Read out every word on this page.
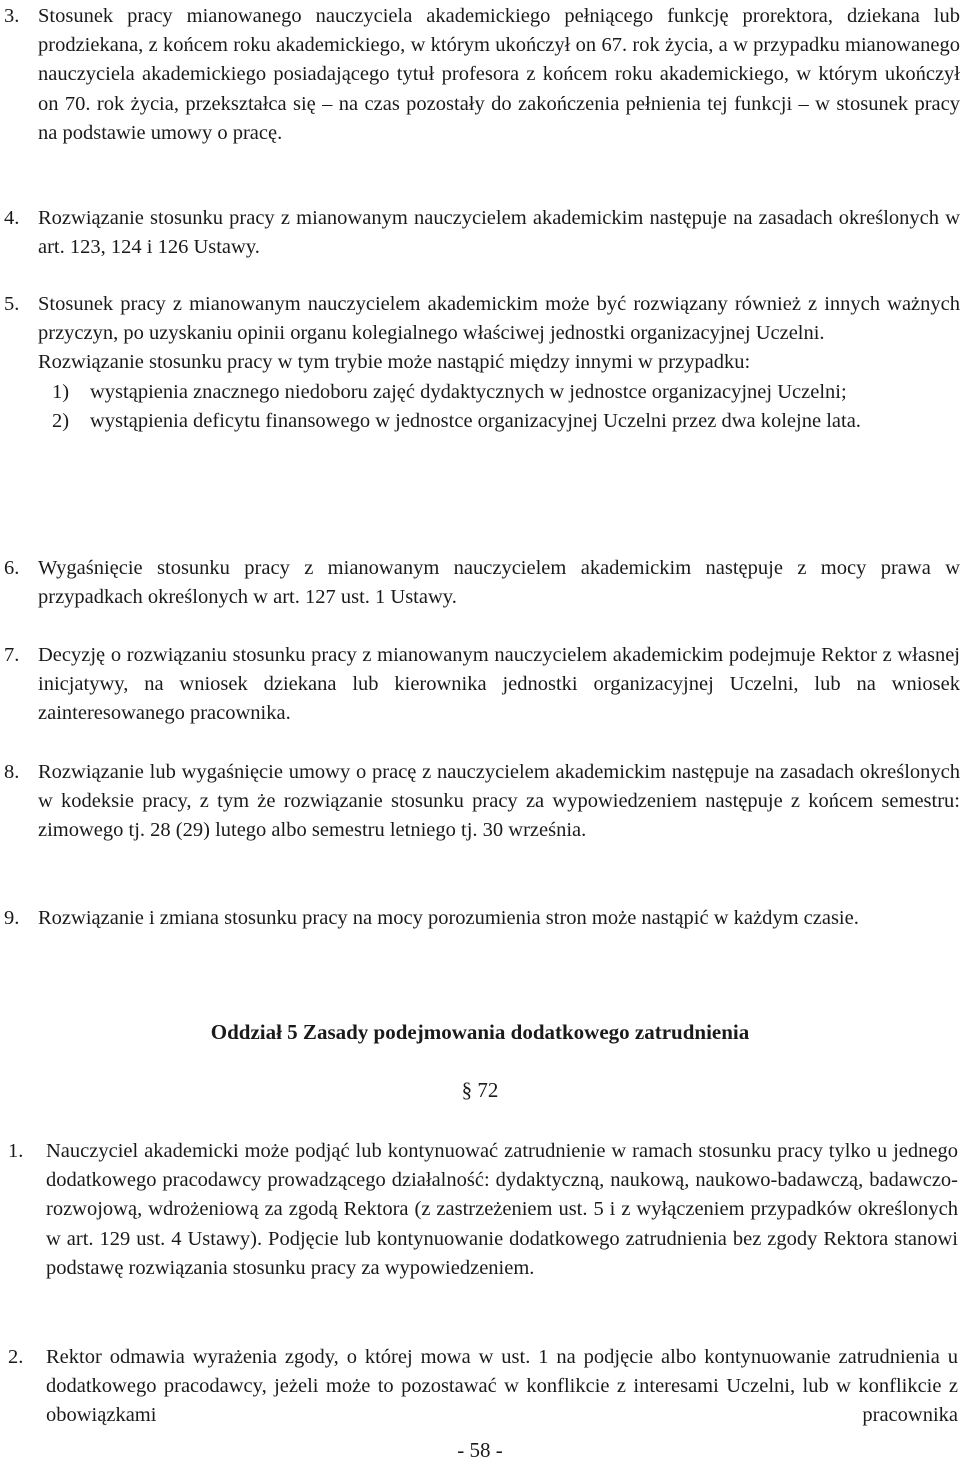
3. Stosunek pracy mianowanego nauczyciela akademickiego pełniącego funkcję prorektora, dziekana lub prodziekana, z końcem roku akademickiego, w którym ukończył on 67. rok życia, a w przypadku mianowanego nauczyciela akademickiego posiadającego tytuł profesora z końcem roku akademickiego, w którym ukończył on 70. rok życia, przekształca się – na czas pozostały do zakończenia pełnienia tej funkcji – w stosunek pracy na podstawie umowy o pracę.
4. Rozwiązanie stosunku pracy z mianowanym nauczycielem akademickim następuje na zasadach określonych w art. 123, 124 i 126 Ustawy.
5. Stosunek pracy z mianowanym nauczycielem akademickim może być rozwiązany również z innych ważnych przyczyn, po uzyskaniu opinii organu kolegialnego właściwej jednostki organizacyjnej Uczelni.
Rozwiązanie stosunku pracy w tym trybie może nastąpić między innymi w przypadku:
1) wystąpienia znacznego niedoboru zajęć dydaktycznych w jednostce organizacyjnej Uczelni;
2) wystąpienia deficytu finansowego w jednostce organizacyjnej Uczelni przez dwa kolejne lata.
6. Wygaśnięcie stosunku pracy z mianowanym nauczycielem akademickim następuje z mocy prawa w przypadkach określonych w art. 127 ust. 1 Ustawy.
7. Decyzję o rozwiązaniu stosunku pracy z mianowanym nauczycielem akademickim podejmuje Rektor z własnej inicjatywy, na wniosek dziekana lub kierownika jednostki organizacyjnej Uczelni, lub na wniosek zainteresowanego pracownika.
8. Rozwiązanie lub wygaśnięcie umowy o pracę z nauczycielem akademickim następuje na zasadach określonych w kodeksie pracy, z tym że rozwiązanie stosunku pracy za wypowiedzeniem następuje z końcem semestru: zimowego tj. 28 (29) lutego albo semestru letniego tj. 30 września.
9. Rozwiązanie i zmiana stosunku pracy na mocy porozumienia stron może nastąpić w każdym czasie.
Oddział 5 Zasady podejmowania dodatkowego zatrudnienia
§ 72
1. Nauczyciel akademicki może podjąć lub kontynuować zatrudnienie w ramach stosunku pracy tylko u jednego dodatkowego pracodawcy prowadzącego działalność: dydaktyczną, naukową, naukowo-badawczą, badawczo-rozwojową, wdrożeniową za zgodą Rektora (z zastrzeżeniem ust. 5 i z wyłączeniem przypadków określonych w art. 129 ust. 4 Ustawy). Podjęcie lub kontynuowanie dodatkowego zatrudnienia bez zgody Rektora stanowi podstawę rozwiązania stosunku pracy za wypowiedzeniem.
2. Rektor odmawia wyrażenia zgody, o której mowa w ust. 1 na podjęcie albo kontynuowanie zatrudnienia u dodatkowego pracodawcy, jeżeli może to pozostawać w konflikcie z interesami Uczelni, lub w konflikcie z obowiązkami pracownika
- 58 -
